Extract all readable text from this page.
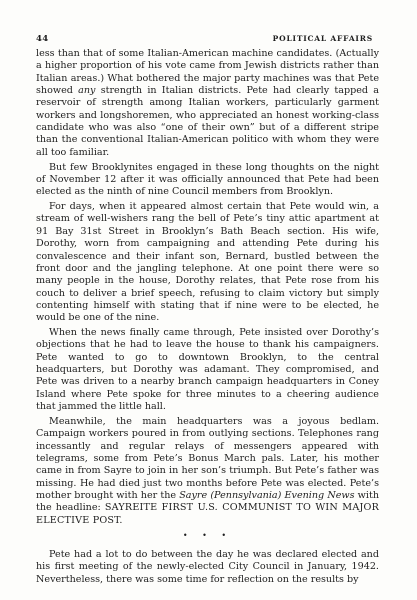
44	POLITICAL AFFAIRS

less than that of some Italian-American machine candidates. (Actually a higher proportion of his vote came from Jewish districts rather than Italian areas.) What bothered the major party machines was that Pete showed any strength in Italian districts. Pete had clearly tapped a reservoir of strength among Italian workers, particularly garment workers and longshoremen, who appreciated an honest working-class candidate who was also “one of their own” but of a different stripe than the conventional Italian-American politico with whom they were all too familiar.

But few Brooklynites engaged in these long thoughts on the night of November 12 after it was officially announced that Pete had been elected as the ninth of nine Council members from Brooklyn.

For days, when it appeared almost certain that Pete would win, a stream of well-wishers rang the bell of Pete’s tiny attic apartment at 91 Bay 31st Street in Brooklyn’s Bath Beach section. His wife, Dorothy, worn from campaigning and attending Pete during his convalescence and their infant son, Bernard, bustled between the front door and the jangling telephone. At one point there were so many people in the house, Dorothy relates, that Pete rose from his couch to deliver a brief speech, refusing to claim victory but simply contenting himself with stating that if nine were to be elected, he would be one of the nine.

When the news finally came through, Pete insisted over Dorothy’s objections that he had to leave the house to thank his campaigners. Pete wanted to go to downtown Brooklyn, to the central headquarters, but Dorothy was adamant. They compromised, and Pete was driven to a nearby branch campaign headquarters in Coney Island where Pete spoke for three minutes to a cheering audience that jammed the little hall.

Meanwhile, the main headquarters was a joyous bedlam. Campaign workers poured in from outlying sections. Telephones rang incessantly and regular relays of messengers appeared with telegrams, some from Pete’s Bonus March pals. Later, his mother came in from Sayre to join in her son’s triumph. But Pete’s father was missing. He had died just two months before Pete was elected. Pete’s mother brought with her the Sayre (Pennsylvania) Evening News with the headline: SAYREITE FIRST U.S. COMMUNIST TO WIN MAJOR ELECTIVE POST.

• • •

Pete had a lot to do between the day he was declared elected and his first meeting of the newly-elected City Council in January, 1942. Nevertheless, there was some time for reflection on the results by
